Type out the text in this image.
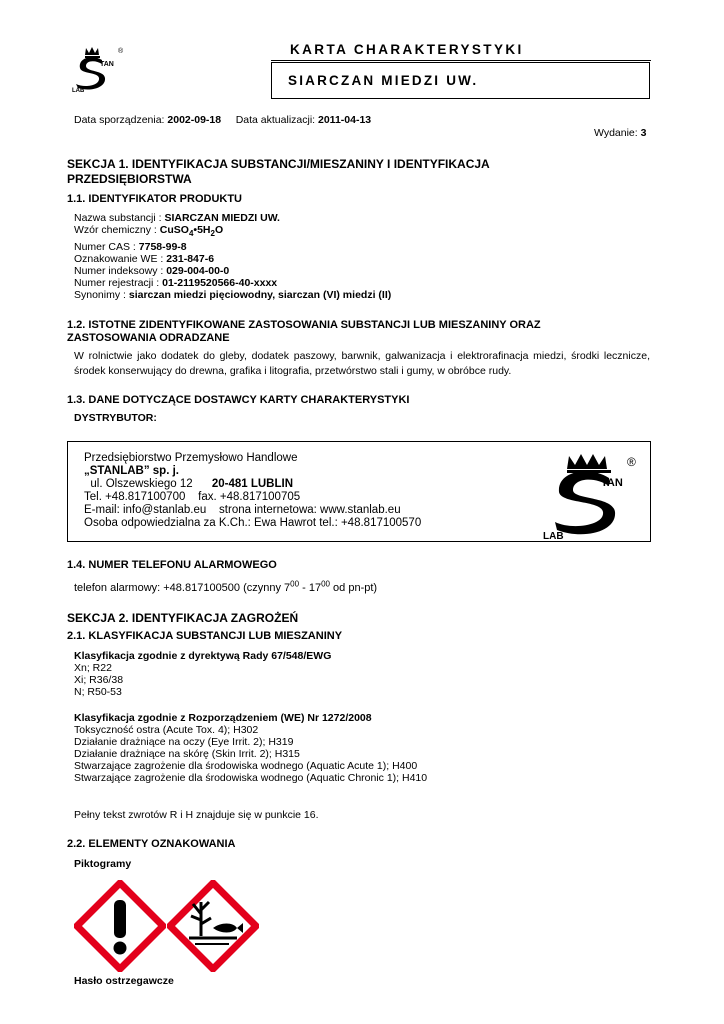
TAN
LAB
®	KARTA CHARAKTERYSTYKI
SIARCZAN MIEDZI UW.
Data sporządzenia: 2002-09-18 Data aktualizacji: 2011-04-13
Wydanie: 3
SEKCJA 1. IDENTYFIKACJA SUBSTANCJI/MIESZANINY I IDENTYFIKACJA
PRZEDSIĘBIORSTWA
1.1. IDENTYFIKATOR PRODUKTU
Nazwa substancji : SIARCZAN MIEDZI UW.
Wzór chemiczny : $CuSO_4•5H_2O$
Numer CAS : 7758-99-8
Oznakowanie WE : 231-847-6
Numer indeksowy : 029-004-00-0
Numer rejestracji : 01-2119520566-40-xxxx
Synonimy : siarczan miedzi pięciowodny, siarczan (VI) miedzi (II)
1.2. ISTOTNE ZIDENTYFIKOWANE ZASTOSOWANIA SUBSTANCJI LUB MIESZANINY ORAZ
ZASTOSOWANIA ODRADZANE
W rolnictwie jako dodatek do gleby, dodatek paszowy, barwnik, galwanizacja i elektrorafinacja miedzi, środki lecznicze, środek konserwujący do drewna, grafika i litografia, przetwórstwo stali i gumy, w obróbce rudy.
1.3. DANE DOTYCZĄCE DOSTAWCY KARTY CHARAKTERYSTYKI
DYSTRYBUTOR:
Przedsiębiorstwo Przemysłowo Handlowe
„STANLAB” sp. j.
ul. Olszewskiego 12 20-481 LUBLIN
Tel. +48.817100700    fax. +48.817100705
E-mail: info@stanlab.eu    strona internetowa: www.stanlab.eu
Osoba odpowiedzialna za K.Ch.: Ewa Hawrot tel.: +48.817100570
TAN
LAB
®
1.4. NUMER TELEFONU ALARMOWEGO
telefon alarmowy: +48.817100500 (czynny $7^{00} - 17^{00}$ od pn-pt)
SEKCJA 2. IDENTYFIKACJA ZAGROŻEŃ
2.1. KLASYFIKACJA SUBSTANCJI LUB MIESZANINY
Klasyfikacja zgodnie z dyrektywą Rady 67/548/EWG
Xn; R22
Xi; R36/38
N; R50-53
Klasyfikacja zgodnie z Rozporządzeniem (WE) Nr 1272/2008
Toksyczność ostra (Acute Tox. 4); H302
Działanie drażniące na oczy (Eye Irrit. 2); H319
Działanie drażniące na skórę (Skin Irrit. 2); H315
Stwarzające zagrożenie dla środowiska wodnego (Aquatic Acute 1); H400
Stwarzające zagrożenie dla środowiska wodnego (Aquatic Chronic 1); H410
Pełny tekst zwrotów R i H znajduje się w punkcie 16.
2.2. ELEMENTY OZNAKOWANIA
Piktogramy
Hasło ostrzegawcze
